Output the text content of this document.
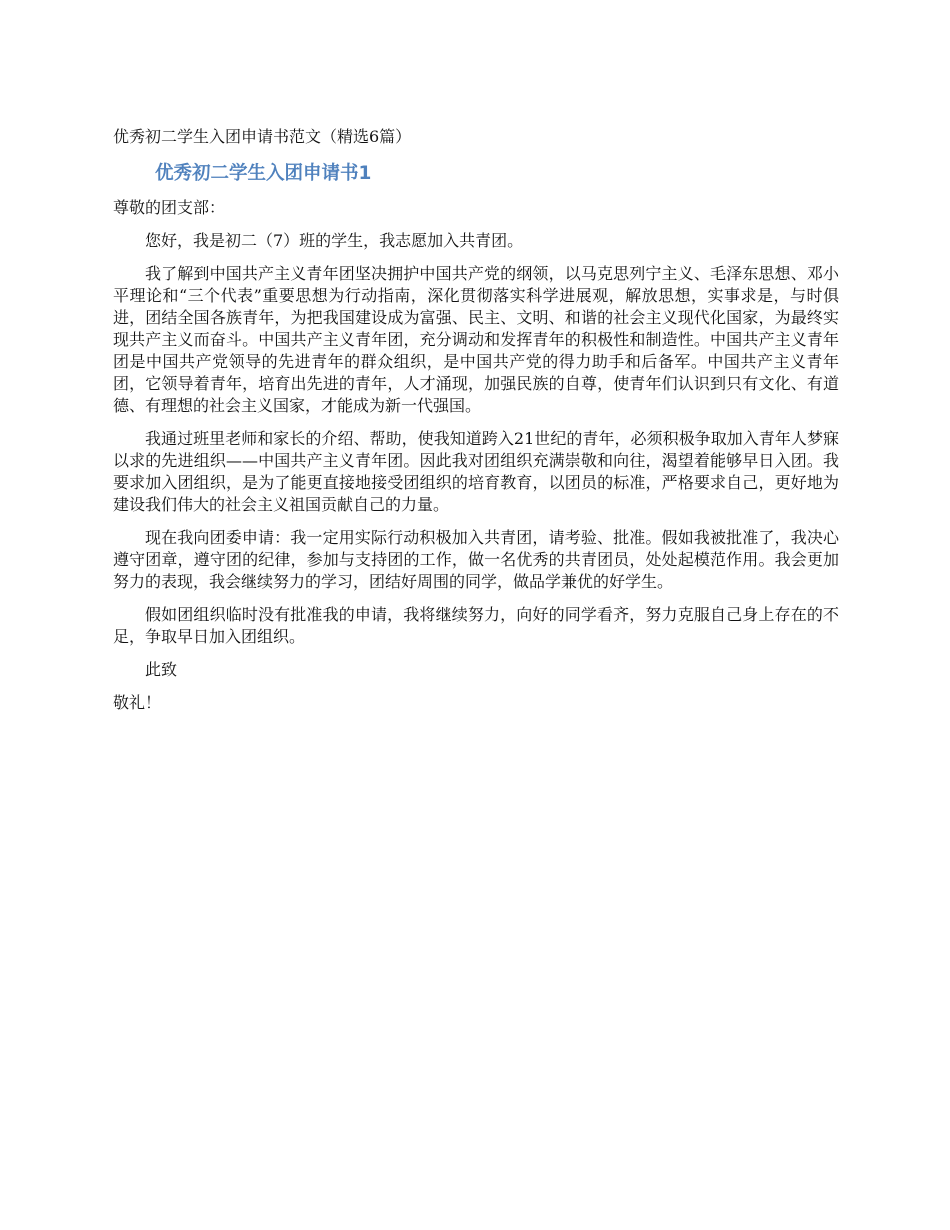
优秀初二学生入团申请书范文（精选6篇）

优秀初二学生入团申请书1

尊敬的团支部：

您好，我是初二（7）班的学生，我志愿加入共青团。

我了解到中国共产主义青年团坚决拥护中国共产党的纲领，以马克思列宁主义、毛泽东思想、邓小平理论和“三个代表”重要思想为行动指南，深化贯彻落实科学进展观，解放思想，实事求是，与时俱进，团结全国各族青年，为把我国建设成为富强、民主、文明、和谐的社会主义现代化国家，为最终实现共产主义而奋斗。中国共产主义青年团，充分调动和发挥青年的积极性和制造性。中国共产主义青年团是中国共产党领导的先进青年的群众组织，是中国共产党的得力助手和后备军。中国共产主义青年团，它领导着青年，培育出先进的青年，人才涌现，加强民族的自尊，使青年们认识到只有文化、有道德、有理想的社会主义国家，才能成为新一代强国。

我通过班里老师和家长的介绍、帮助，使我知道跨入21世纪的青年，必须积极争取加入青年人梦寐以求的先进组织——中国共产主义青年团。因此我对团组织充满崇敬和向往，渴望着能够早日入团。我要求加入团组织，是为了能更直接地接受团组织的培育教育，以团员的标准，严格要求自己，更好地为建设我们伟大的社会主义祖国贡献自己的力量。

现在我向团委申请：我一定用实际行动积极加入共青团，请考验、批准。假如我被批准了，我决心遵守团章，遵守团的纪律，参加与支持团的工作，做一名优秀的共青团员，处处起模范作用。我会更加努力的表现，我会继续努力的学习，团结好周围的同学，做品学兼优的好学生。

假如团组织临时没有批准我的申请，我将继续努力，向好的同学看齐，努力克服自己身上存在的不足，争取早日加入团组织。

此致

敬礼！
